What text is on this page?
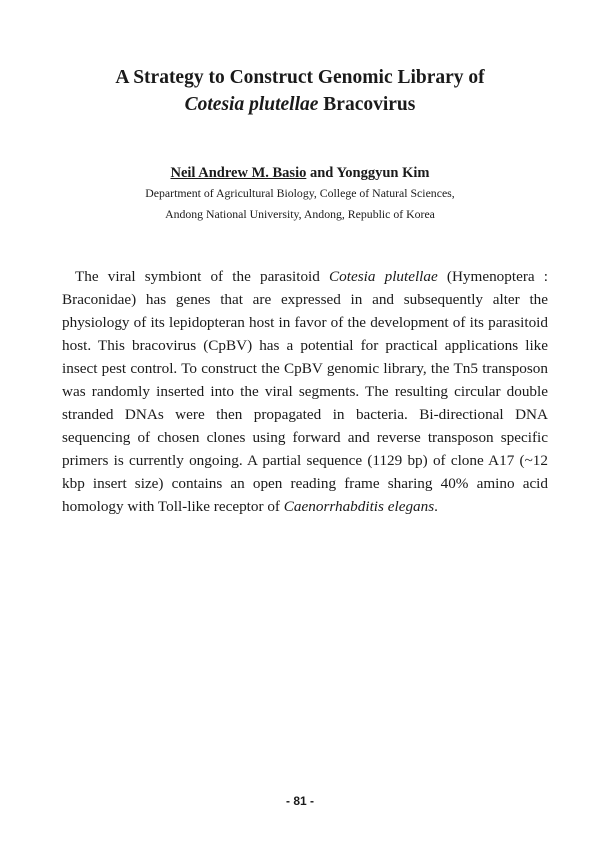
A Strategy to Construct Genomic Library of
Cotesia plutellae Bracovirus
Neil Andrew M. Basio and Yonggyun Kim
Department of Agricultural Biology, College of Natural Sciences,
Andong National University, Andong, Republic of Korea
The viral symbiont of the parasitoid Cotesia plutellae (Hymenoptera : Braconidae) has genes that are expressed in and subsequently alter the physiology of its lepidopteran host in favor of the development of its parasitoid host. This bracovirus (CpBV) has a potential for practical applications like insect pest control. To construct the CpBV genomic library, the Tn5 transposon was randomly inserted into the viral segments. The resulting circular double stranded DNAs were then propagated in bacteria. Bi-directional DNA sequencing of chosen clones using forward and reverse transposon specific primers is currently ongoing. A partial sequence (1129 bp) of clone A17 (~12 kbp insert size) contains an open reading frame sharing 40% amino acid homology with Toll-like receptor of Caenorrhabditis elegans.
- 81 -
